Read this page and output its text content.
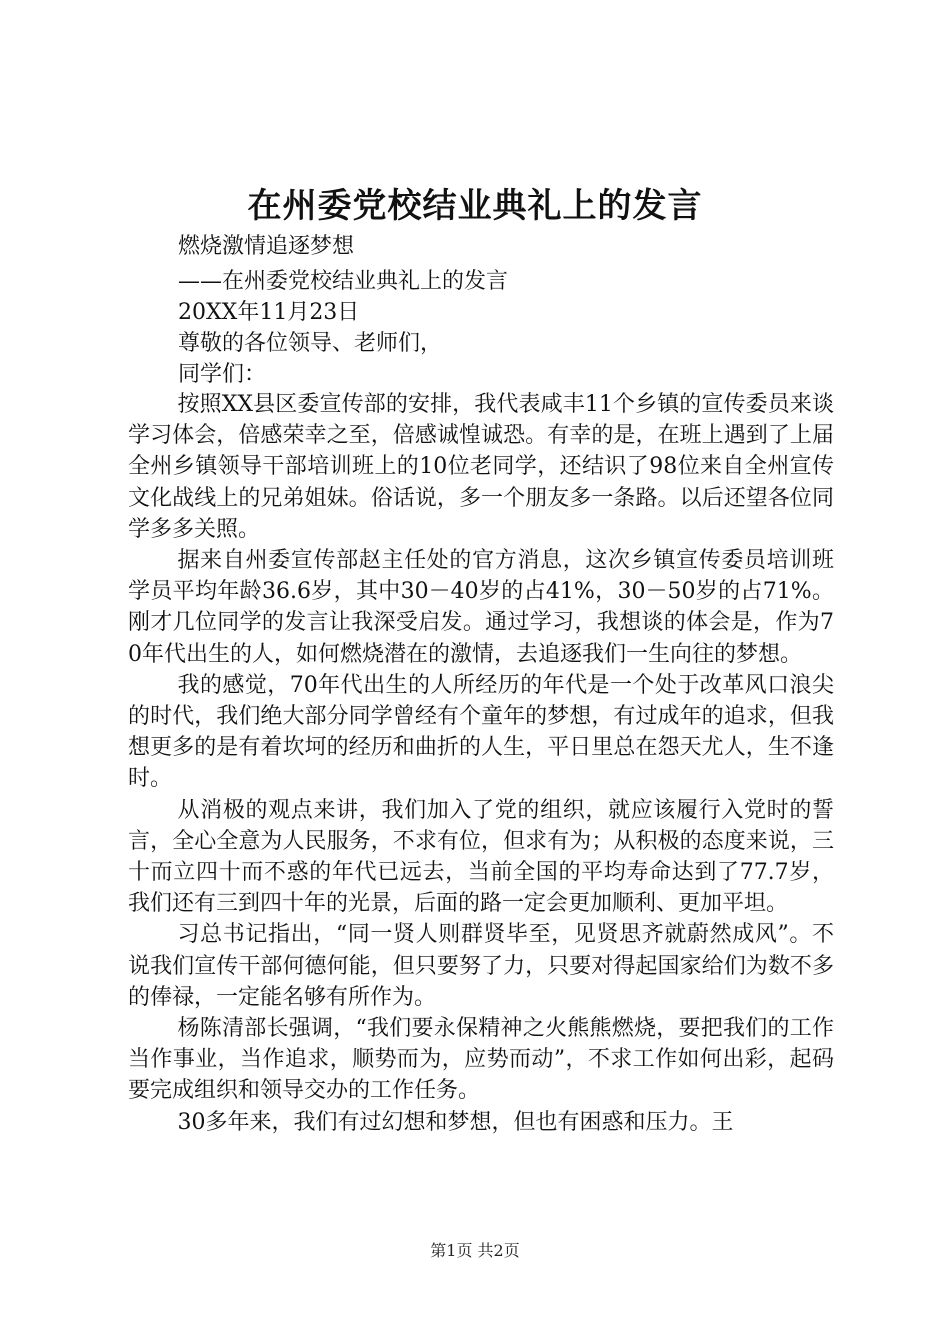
在州委党校结业典礼上的发言
燃烧激情追逐梦想
——在州委党校结业典礼上的发言
20XX年11月23日
尊敬的各位领导、老师们，
同学们：

按照XX县区委宣传部的安排，我代表咸丰11个乡镇的宣传委员来谈学习体会，倍感荣幸之至，倍感诚惶诚恐。有幸的是，在班上遇到了上届全州乡镇领导干部培训班上的10位老同学，还结识了98位来自全州宣传文化战线上的兄弟姐妹。俗话说，多一个朋友多一条路。以后还望各位同学多多关照。

据来自州委宣传部赵主任处的官方消息，这次乡镇宣传委员培训班学员平均年龄36.6岁，其中30－40岁的占41%，30－50岁的占71%。刚才几位同学的发言让我深受启发。通过学习，我想谈的体会是，作为70年代出生的人，如何燃烧潜在的激情，去追逐我们一生向往的梦想。

我的感觉，70年代出生的人所经历的年代是一个处于改革风口浪尖的时代，我们绝大部分同学曾经有个童年的梦想，有过成年的追求，但我想更多的是有着坎坷的经历和曲折的人生，平日里总在怨天尤人，生不逢时。

从消极的观点来讲，我们加入了党的组织，就应该履行入党时的誓言，全心全意为人民服务，不求有位，但求有为；从积极的态度来说，三十而立四十而不惑的年代已远去，当前全国的平均寿命达到了77.7岁，我们还有三到四十年的光景，后面的路一定会更加顺利、更加平坦。

习总书记指出，“同一贤人则群贤毕至，见贤思齐就蔚然成风”。不说我们宣传干部何德何能，但只要努了力，只要对得起国家给们为数不多的俸禄，一定能名够有所作为。

杨陈清部长强调，“我们要永保精神之火熊熊燃烧，要把我们的工作当作事业，当作追求，顺势而为，应势而动”，不求工作如何出彩，起码要完成组织和领导交办的工作任务。

30多年来，我们有过幻想和梦想，但也有困惑和压力。王

第1页 共2页
